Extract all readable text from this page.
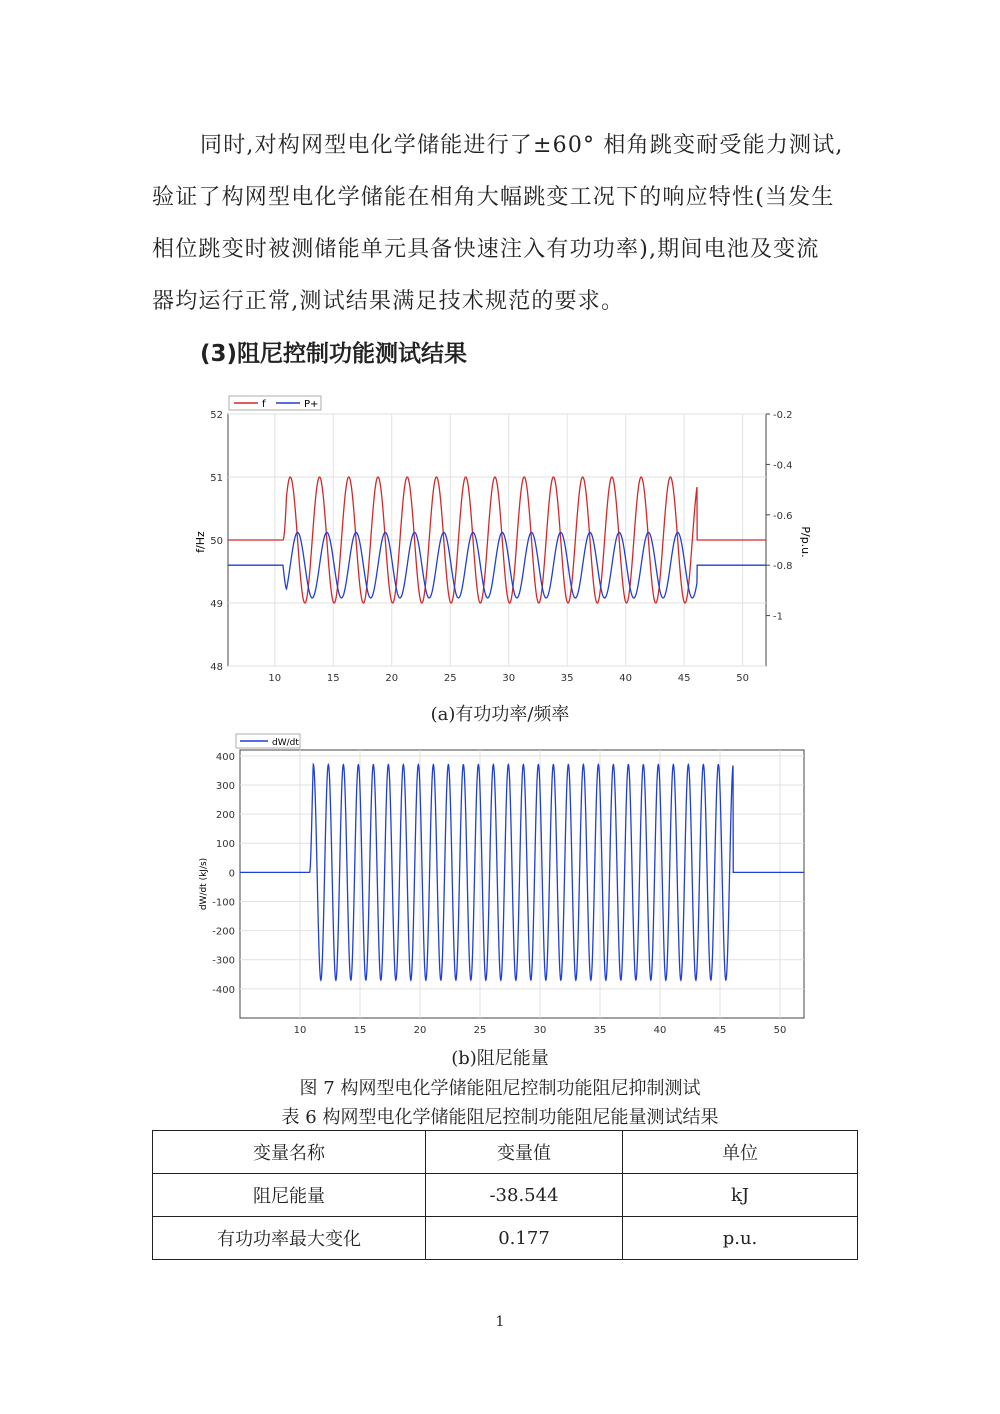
同时,对构网型电化学储能进行了±60° 相角跳变耐受能力测试,
验证了构网型电化学储能在相角大幅跳变工况下的响应特性(当发生
相位跳变时被测储能单元具备快速注入有功功率),期间电池及变流
器均运行正常,测试结果满足技术规范的要求。
(3)阻尼控制功能测试结果
10	15	20	25	30	35	40	45	50
48
49
50
51
52	-0.2
-0.4
-0.6
-0.8
-1
f/Hz	P/p.u.
f	P+
(a)有功功率/频率
10	15	20	25	30	35	40	45	50
400
300
200
100
0
-100
-200
-300
-400
dW/dt (kJ/s)
dW/dt
(b)阻尼能量
图 7 构网型电化学储能阻尼控制功能阻尼抑制测试
表 6 构网型电化学储能阻尼控制功能阻尼能量测试结果
变量名称	变量值	单位
阻尼能量	-38.544	kJ
有功功率最大变化	0.177	p.u.
1
